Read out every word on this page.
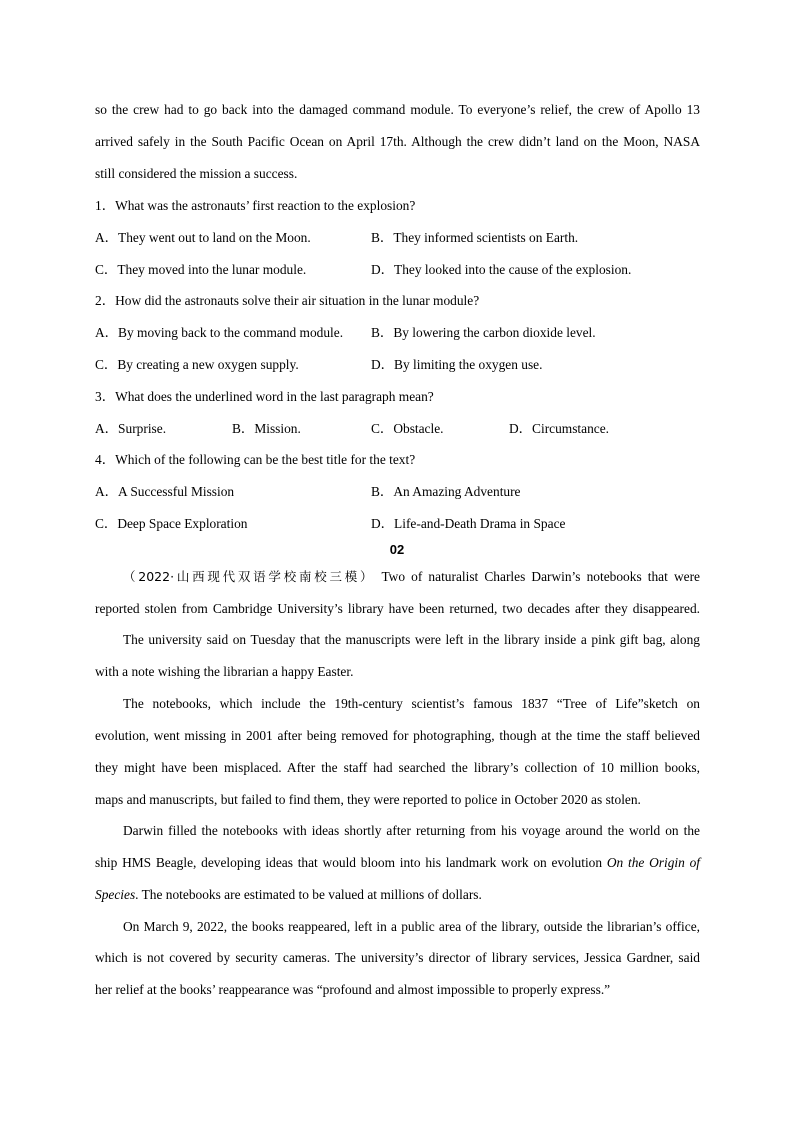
so the crew had to go back into the damaged command module. To everyone’s relief, the crew of Apollo 13
arrived safely in the South Pacific Ocean on April 17th. Although the crew didn’t land on the Moon, NASA
still considered the mission a success.
1．What was the astronauts’ first reaction to the explosion?
A．They went out to land on the Moon.	B．They informed scientists on Earth.
C．They moved into the lunar module.	D．They looked into the cause of the explosion.
2．How did the astronauts solve their air situation in the lunar module?
A．By moving back to the command module. B．By lowering the carbon dioxide level.
C．By creating a new oxygen supply.	D．By limiting the oxygen use.
3．What does the underlined word in the last paragraph mean?
A．Surprise.	B．Mission.	C．Obstacle.	D．Circumstance.
4．Which of the following can be the best title for the text?
A．A Successful Mission	B．An Amazing Adventure
C．Deep Space Exploration	D．Life-and-Death Drama in Space
02
（2022·山西现代双语学校南校三模） Two of naturalist Charles Darwin’s notebooks that were
reported stolen from Cambridge University’s library have been returned, two decades after they disappeared.
The university said on Tuesday that the manuscripts were left in the library inside a pink gift bag, along
with a note wishing the librarian a happy Easter.
The notebooks, which include the 19th-century scientist’s famous 1837 “Tree of Life”sketch on
evolution, went missing in 2001 after being removed for photographing, though at the time the staff believed
they might have been misplaced. After the staff had searched the library’s collection of 10 million books,
maps and manuscripts, but failed to find them, they were reported to police in October 2020 as stolen.
Darwin filled the notebooks with ideas shortly after returning from his voyage around the world on the
ship HMS Beagle, developing ideas that would bloom into his landmark work on evolution On the Origin of
Species. The notebooks are estimated to be valued at millions of dollars.
On March 9, 2022, the books reappeared, left in a public area of the library, outside the librarian’s office,
which is not covered by security cameras. The university’s director of library services, Jessica Gardner, said
her relief at the books’ reappearance was “profound and almost impossible to properly express.”
